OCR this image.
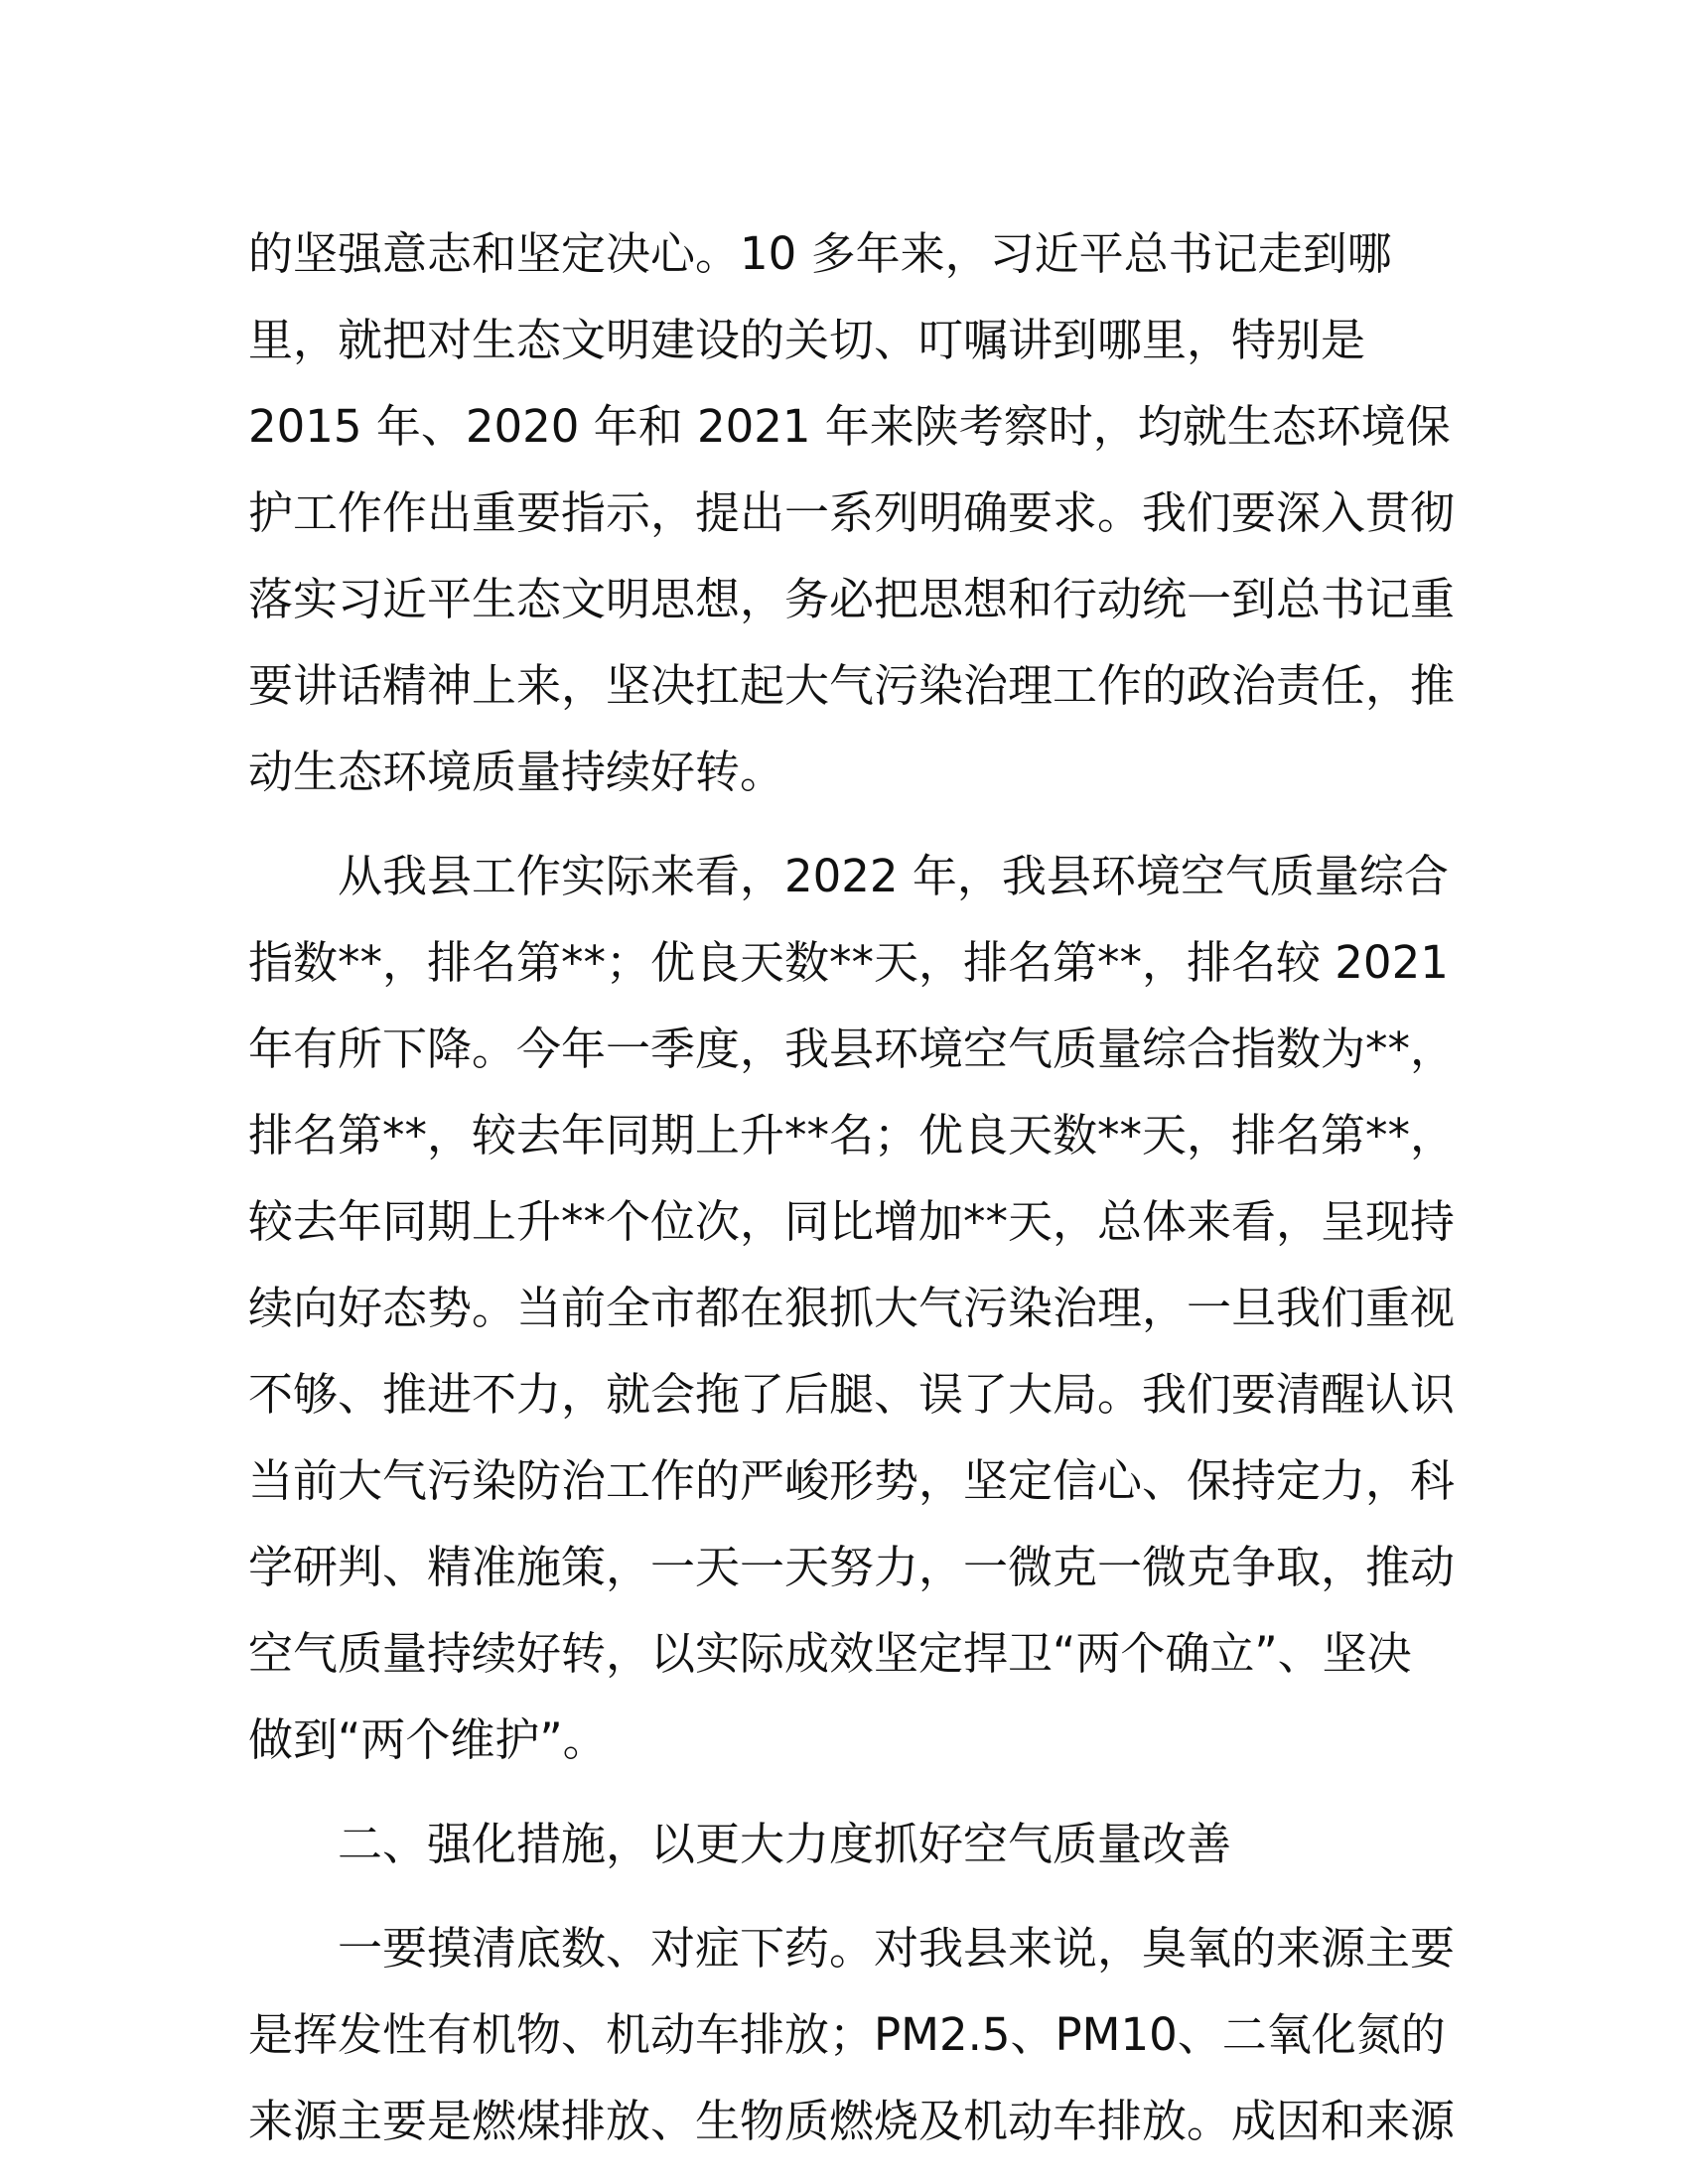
的坚强意志和坚定决心。10 多年来，习近平总书记走到哪
里，就把对生态文明建设的关切、叮嘱讲到哪里，特别是
2015 年、2020 年和 2021 年来陕考察时，均就生态环境保
护工作作出重要指示，提出一系列明确要求。我们要深入贯彻
落实习近平生态文明思想，务必把思想和行动统一到总书记重
要讲话精神上来，坚决扛起大气污染治理工作的政治责任，推
动生态环境质量持续好转。
从我县工作实际来看，2022 年，我县环境空气质量综合
指数**，排名第**；优良天数**天，排名第**，排名较 2021
年有所下降。今年一季度，我县环境空气质量综合指数为**，
排名第**，较去年同期上升**名；优良天数**天，排名第**，
较去年同期上升**个位次，同比增加**天，总体来看，呈现持
续向好态势。当前全市都在狠抓大气污染治理，一旦我们重视
不够、推进不力，就会拖了后腿、误了大局。我们要清醒认识
当前大气污染防治工作的严峻形势，坚定信心、保持定力，科
学研判、精准施策，一天一天努力，一微克一微克争取，推动
空气质量持续好转，以实际成效坚定捍卫“两个确立”、坚决
做到“两个维护”。
二、强化措施，以更大力度抓好空气质量改善
一要摸清底数、对症下药。对我县来说，臭氧的来源主要
是挥发性有机物、机动车排放；PM2.5、PM10、二氧化氮的
来源主要是燃煤排放、生物质燃烧及机动车排放。成因和来源
